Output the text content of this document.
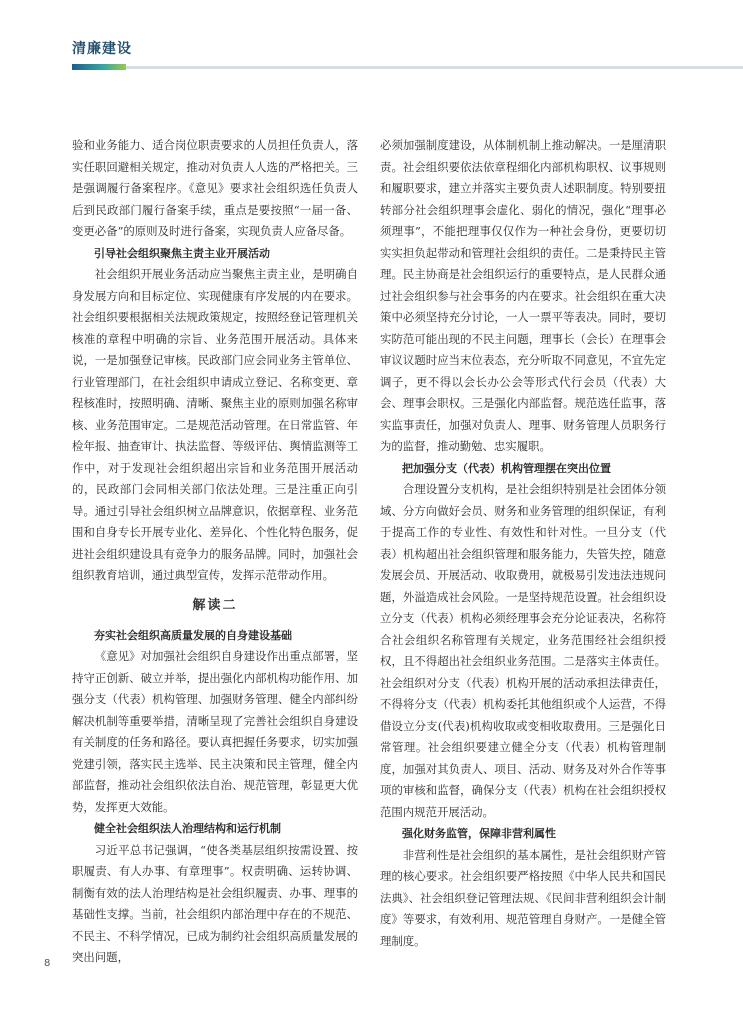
清廉建设

验和业务能力、适合岗位职责要求的人员担任负责人，落实任职回避相关规定，推动对负责人人选的严格把关。三是强调履行备案程序。《意见》要求社会组织选任负责人后到民政部门履行备案手续，重点是要按照“一届一备、变更必备”的原则及时进行备案，实现负责人应备尽备。

引导社会组织聚焦主责主业开展活动

社会组织开展业务活动应当聚焦主责主业，是明确自身发展方向和目标定位、实现健康有序发展的内在要求。社会组织要根据相关法规政策规定，按照经登记管理机关核准的章程中明确的宗旨、业务范围开展活动。具体来说，一是加强登记审核。民政部门应会同业务主管单位、行业管理部门，在社会组织申请成立登记、名称变更、章程核准时，按照明确、清晰、聚焦主业的原则加强名称审核、业务范围审定。二是规范活动管理。在日常监管、年检年报、抽查审计、执法监督、等级评估、舆情监测等工作中，对于发现社会组织超出宗旨和业务范围开展活动的，民政部门会同相关部门依法处理。三是注重正向引导。通过引导社会组织树立品牌意识，依据章程、业务范围和自身专长开展专业化、差异化、个性化特色服务，促进社会组织建设具有竞争力的服务品牌。同时，加强社会组织教育培训，通过典型宣传，发挥示范带动作用。

解读二
夯实社会组织高质量发展的自身建设基础

《意见》对加强社会组织自身建设作出重点部署，坚持守正创新、破立并举，提出强化内部机构功能作用、加强分支（代表）机构管理、加强财务管理、健全内部纠纷解决机制等重要举措，清晰呈现了完善社会组织自身建设有关制度的任务和路径。要认真把握任务要求，切实加强党建引领，落实民主选举、民主决策和民主管理，健全内部监督，推动社会组织依法自治、规范管理，彰显更大优势，发挥更大效能。

健全社会组织法人治理结构和运行机制

习近平总书记强调，“使各类基层组织按需设置、按职履责、有人办事、有章理事”。权责明确、运转协调、制衡有效的法人治理结构是社会组织履责、办事、理事的基础性支撑。当前，社会组织内部治理中存在的不规范、不民主、不科学情况，已成为制约社会组织高质量发展的突出问题，

必须加强制度建设，从体制机制上推动解决。一是厘清职责。社会组织要依法依章程细化内部机构职权、议事规则和履职要求，建立并落实主要负责人述职制度。特别要扭转部分社会组织理事会虚化、弱化的情况，强化“理事必须理事”，不能把理事仅仅作为一种社会身份，更要切切实实担负起带动和管理社会组织的责任。二是秉持民主管理。民主协商是社会组织运行的重要特点，是人民群众通过社会组织参与社会事务的内在要求。社会组织在重大决策中必须坚持充分讨论，一人一票平等表决。同时，要切实防范可能出现的不民主问题，理事长（会长）在理事会审议议题时应当末位表态，充分听取不同意见，不宜先定调子，更不得以会长办公会等形式代行会员（代表）大会、理事会职权。三是强化内部监督。规范选任监事，落实监事责任，加强对负责人、理事、财务管理人员职务行为的监督，推动勤勉、忠实履职。

把加强分支（代表）机构管理摆在突出位置

合理设置分支机构，是社会组织特别是社会团体分领域、分方向做好会员、财务和业务管理的组织保证，有利于提高工作的专业性、有效性和针对性。一旦分支（代表）机构超出社会组织管理和服务能力，失管失控，随意发展会员、开展活动、收取费用，就极易引发违法违规问题，外溢造成社会风险。一是坚持规范设置。社会组织设立分支（代表）机构必须经理事会充分论证表决，名称符合社会组织名称管理有关规定，业务范围经社会组织授权，且不得超出社会组织业务范围。二是落实主体责任。社会组织对分支（代表）机构开展的活动承担法律责任，不得将分支（代表）机构委托其他组织或个人运营，不得借设立分支(代表)机构收取或变相收取费用。三是强化日常管理。社会组织要建立健全分支（代表）机构管理制度，加强对其负责人、项目、活动、财务及对外合作等事项的审核和监督，确保分支（代表）机构在社会组织授权范围内规范开展活动。

强化财务监管，保障非营利属性

非营利性是社会组织的基本属性，是社会组织财产管理的核心要求。社会组织要严格按照《中华人民共和国民法典》、社会组织登记管理法规、《民间非营利组织会计制度》等要求，有效利用、规范管理自身财产。一是健全管理制度。

8
